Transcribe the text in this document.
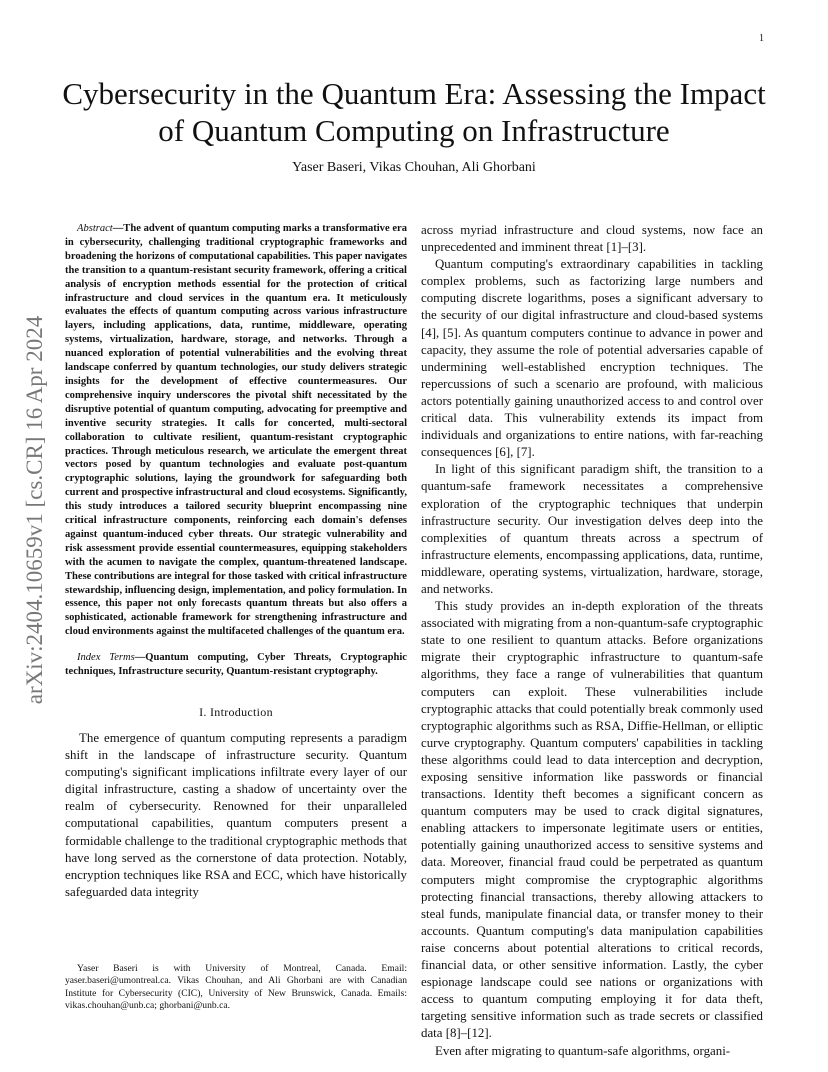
1
arXiv:2404.10659v1 [cs.CR] 16 Apr 2024
Cybersecurity in the Quantum Era: Assessing the Impact of Quantum Computing on Infrastructure
Yaser Baseri, Vikas Chouhan, Ali Ghorbani

Abstract—The advent of quantum computing marks a transformative era in cybersecurity, challenging traditional cryptographic frameworks and broadening the horizons of computational capabilities. This paper navigates the transition to a quantum-resistant security framework, offering a critical analysis of encryption methods essential for the protection of critical infrastructure and cloud services in the quantum era. It meticulously evaluates the effects of quantum computing across various infrastructure layers, including applications, data, runtime, middleware, operating systems, virtualization, hardware, storage, and networks. Through a nuanced exploration of potential vulnerabilities and the evolving threat landscape conferred by quantum technologies, our study delivers strategic insights for the development of effective countermeasures. Our comprehensive inquiry underscores the pivotal shift necessitated by the disruptive potential of quantum computing, advocating for preemptive and inventive security strategies. It calls for concerted, multi-sectoral collaboration to cultivate resilient, quantum-resistant cryptographic practices. Through meticulous research, we articulate the emergent threat vectors posed by quantum technologies and evaluate post-quantum cryptographic solutions, laying the groundwork for safeguarding both current and prospective infrastructural and cloud ecosystems. Significantly, this study introduces a tailored security blueprint encompassing nine critical infrastructure components, reinforcing each domain's defenses against quantum-induced cyber threats. Our strategic vulnerability and risk assessment provide essential countermeasures, equipping stakeholders with the acumen to navigate the complex, quantum-threatened landscape. These contributions are integral for those tasked with critical infrastructure stewardship, influencing design, implementation, and policy formulation. In essence, this paper not only forecasts quantum threats but also offers a sophisticated, actionable framework for strengthening infrastructure and cloud environments against the multifaceted challenges of the quantum era.

Index Terms—Quantum computing, Cyber Threats, Cryptographic techniques, Infrastructure security, Quantum-resistant cryptography.

I. Introduction

The emergence of quantum computing represents a paradigm shift in the landscape of infrastructure security. Quantum computing's significant implications infiltrate every layer of our digital infrastructure, casting a shadow of uncertainty over the realm of cybersecurity. Renowned for their unparalleled computational capabilities, quantum computers present a formidable challenge to the traditional cryptographic methods that have long served as the cornerstone of data protection. Notably, encryption techniques like RSA and ECC, which have historically safeguarded data integrity

Yaser Baseri is with University of Montreal, Canada. Email: yaser.baseri@umontreal.ca. Vikas Chouhan, and Ali Ghorbani are with Canadian Institute for Cybersecurity (CIC), University of New Brunswick, Canada. Emails: vikas.chouhan@unb.ca; ghorbani@unb.ca.

across myriad infrastructure and cloud systems, now face an unprecedented and imminent threat [1]–[3].

Quantum computing's extraordinary capabilities in tackling complex problems, such as factorizing large numbers and computing discrete logarithms, poses a significant adversary to the security of our digital infrastructure and cloud-based systems [4], [5]. As quantum computers continue to advance in power and capacity, they assume the role of potential adversaries capable of undermining well-established encryption techniques. The repercussions of such a scenario are profound, with malicious actors potentially gaining unauthorized access to and control over critical data. This vulnerability extends its impact from individuals and organizations to entire nations, with far-reaching consequences [6], [7].

In light of this significant paradigm shift, the transition to a quantum-safe framework necessitates a comprehensive exploration of the cryptographic techniques that underpin infrastructure security. Our investigation delves deep into the complexities of quantum threats across a spectrum of infrastructure elements, encompassing applications, data, runtime, middleware, operating systems, virtualization, hardware, storage, and networks.

This study provides an in-depth exploration of the threats associated with migrating from a non-quantum-safe cryptographic state to one resilient to quantum attacks. Before organizations migrate their cryptographic infrastructure to quantum-safe algorithms, they face a range of vulnerabilities that quantum computers can exploit. These vulnerabilities include cryptographic attacks that could potentially break commonly used cryptographic algorithms such as RSA, Diffie-Hellman, or elliptic curve cryptography. Quantum computers' capabilities in tackling these algorithms could lead to data interception and decryption, exposing sensitive information like passwords or financial transactions. Identity theft becomes a significant concern as quantum computers may be used to crack digital signatures, enabling attackers to impersonate legitimate users or entities, potentially gaining unauthorized access to sensitive systems and data. Moreover, financial fraud could be perpetrated as quantum computers might compromise the cryptographic algorithms protecting financial transactions, thereby allowing attackers to steal funds, manipulate financial data, or transfer money to their accounts. Quantum computing's data manipulation capabilities raise concerns about potential alterations to critical records, financial data, or other sensitive information. Lastly, the cyber espionage landscape could see nations or organizations with access to quantum computing employing it for data theft, targeting sensitive information such as trade secrets or classified data [8]–[12].

Even after migrating to quantum-safe algorithms, organi-
